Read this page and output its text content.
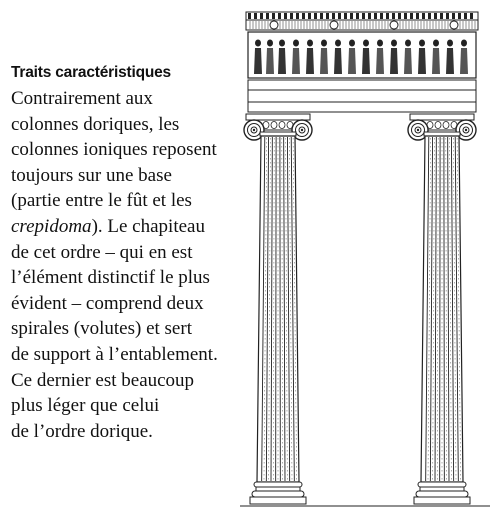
Traits caractéristiques

Contrairement aux
colonnes doriques, les
colonnes ioniques reposent
toujours sur une base
(partie entre le fût et les
crepidoma). Le chapiteau
de cet ordre – qui en est
l’élément distinctif le plus
évident – comprend deux
spirales (volutes) et sert
de support à l’entablement.
Ce dernier est beaucoup
plus léger que celui
de l’ordre dorique.
